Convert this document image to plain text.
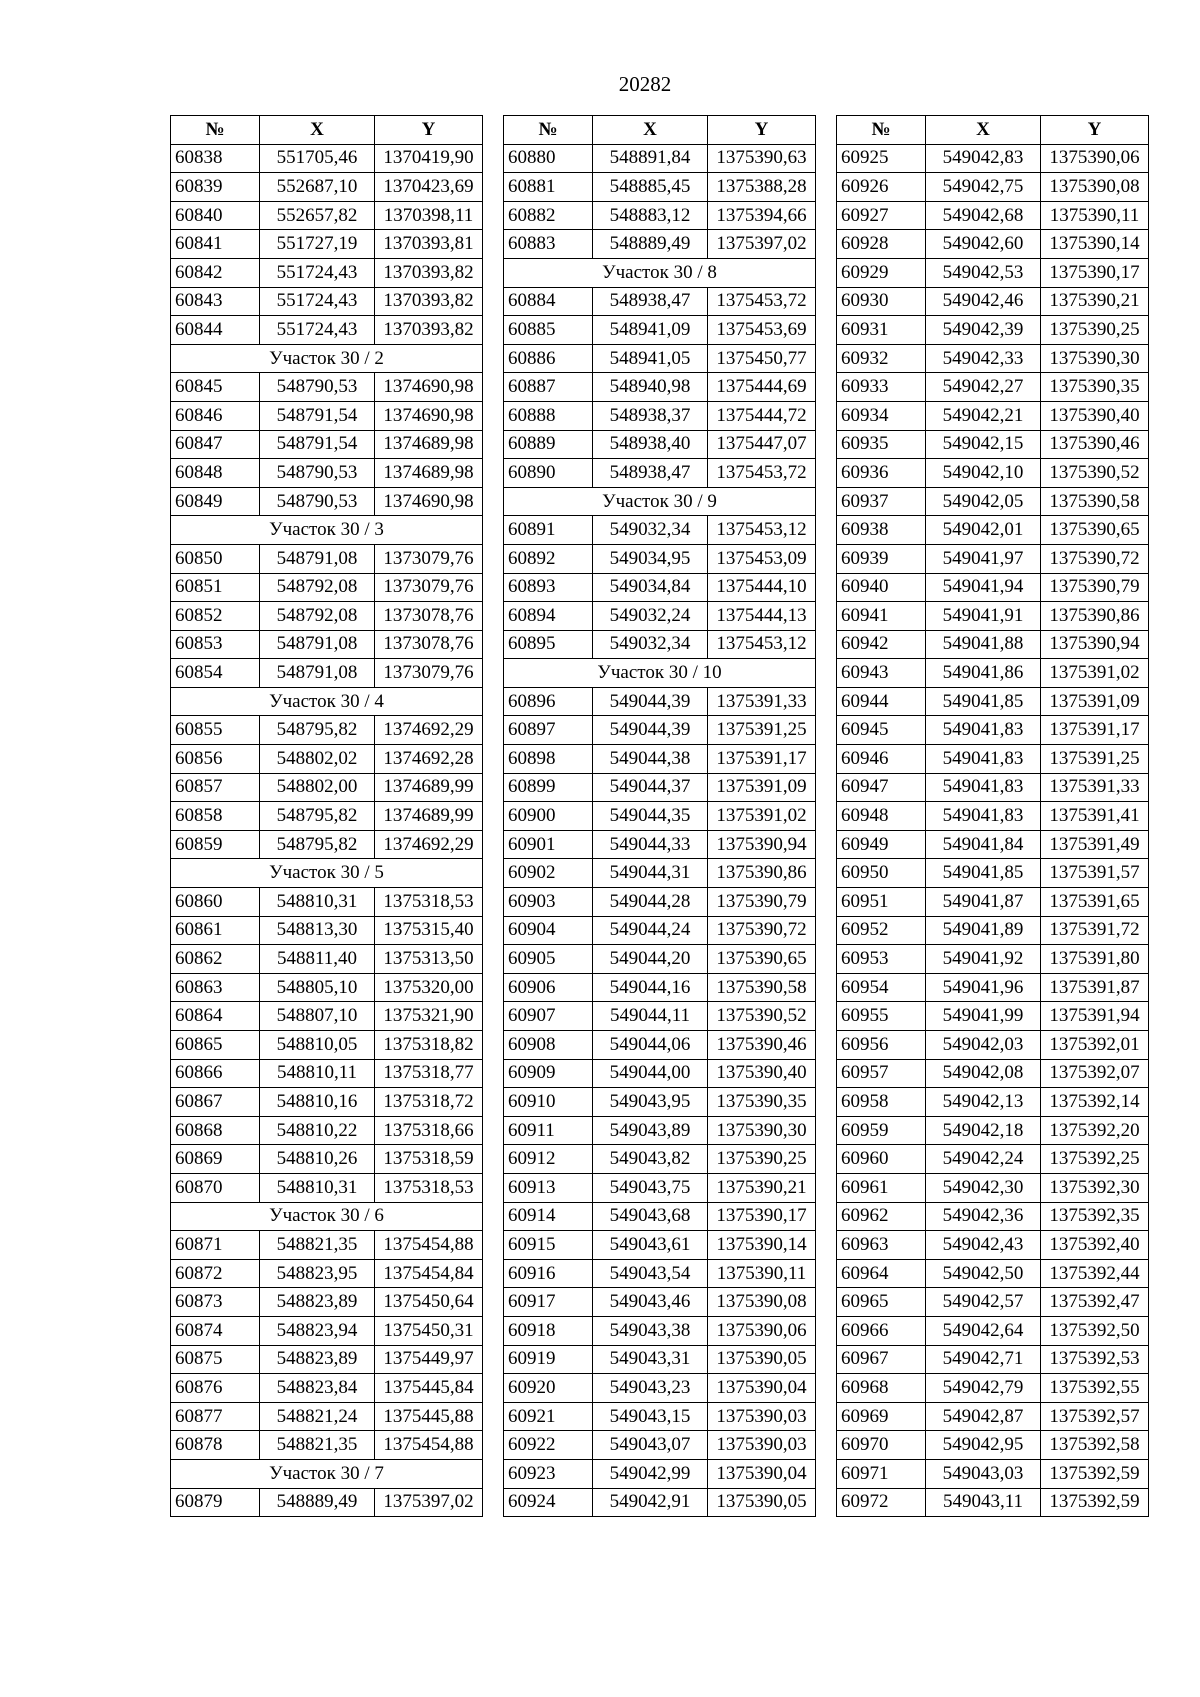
20282
№	X	Y
60838	551705,46	1370419,90
60839	552687,10	1370423,69
60840	552657,82	1370398,11
60841	551727,19	1370393,81
60842	551724,43	1370393,82
60843	551724,43	1370393,82
60844	551724,43	1370393,82
Участок 30 / 2		
60845	548790,53	1374690,98
60846	548791,54	1374690,98
60847	548791,54	1374689,98
60848	548790,53	1374689,98
60849	548790,53	1374690,98
Участок 30 / 3		
60850	548791,08	1373079,76
60851	548792,08	1373079,76
60852	548792,08	1373078,76
60853	548791,08	1373078,76
60854	548791,08	1373079,76
Участок 30 / 4		
60855	548795,82	1374692,29
60856	548802,02	1374692,28
60857	548802,00	1374689,99
60858	548795,82	1374689,99
60859	548795,82	1374692,29
Участок 30 / 5		
60860	548810,31	1375318,53
60861	548813,30	1375315,40
60862	548811,40	1375313,50
60863	548805,10	1375320,00
60864	548807,10	1375321,90
60865	548810,05	1375318,82
60866	548810,11	1375318,77
60867	548810,16	1375318,72
60868	548810,22	1375318,66
60869	548810,26	1375318,59
60870	548810,31	1375318,53
Участок 30 / 6		
60871	548821,35	1375454,88
60872	548823,95	1375454,84
60873	548823,89	1375450,64
60874	548823,94	1375450,31
60875	548823,89	1375449,97
60876	548823,84	1375445,84
60877	548821,24	1375445,88
60878	548821,35	1375454,88
Участок 30 / 7		
60879	548889,49	1375397,02
№	X	Y
60880	548891,84	1375390,63
60881	548885,45	1375388,28
60882	548883,12	1375394,66
60883	548889,49	1375397,02
Участок 30 / 8		
60884	548938,47	1375453,72
60885	548941,09	1375453,69
60886	548941,05	1375450,77
60887	548940,98	1375444,69
60888	548938,37	1375444,72
60889	548938,40	1375447,07
60890	548938,47	1375453,72
Участок 30 / 9		
60891	549032,34	1375453,12
60892	549034,95	1375453,09
60893	549034,84	1375444,10
60894	549032,24	1375444,13
60895	549032,34	1375453,12
Участок 30 / 10		
60896	549044,39	1375391,33
60897	549044,39	1375391,25
60898	549044,38	1375391,17
60899	549044,37	1375391,09
60900	549044,35	1375391,02
60901	549044,33	1375390,94
60902	549044,31	1375390,86
60903	549044,28	1375390,79
60904	549044,24	1375390,72
60905	549044,20	1375390,65
60906	549044,16	1375390,58
60907	549044,11	1375390,52
60908	549044,06	1375390,46
60909	549044,00	1375390,40
60910	549043,95	1375390,35
60911	549043,89	1375390,30
60912	549043,82	1375390,25
60913	549043,75	1375390,21
60914	549043,68	1375390,17
60915	549043,61	1375390,14
60916	549043,54	1375390,11
60917	549043,46	1375390,08
60918	549043,38	1375390,06
60919	549043,31	1375390,05
60920	549043,23	1375390,04
60921	549043,15	1375390,03
60922	549043,07	1375390,03
60923	549042,99	1375390,04
60924	549042,91	1375390,05
№	X	Y
60925	549042,83	1375390,06
60926	549042,75	1375390,08
60927	549042,68	1375390,11
60928	549042,60	1375390,14
60929	549042,53	1375390,17
60930	549042,46	1375390,21
60931	549042,39	1375390,25
60932	549042,33	1375390,30
60933	549042,27	1375390,35
60934	549042,21	1375390,40
60935	549042,15	1375390,46
60936	549042,10	1375390,52
60937	549042,05	1375390,58
60938	549042,01	1375390,65
60939	549041,97	1375390,72
60940	549041,94	1375390,79
60941	549041,91	1375390,86
60942	549041,88	1375390,94
60943	549041,86	1375391,02
60944	549041,85	1375391,09
60945	549041,83	1375391,17
60946	549041,83	1375391,25
60947	549041,83	1375391,33
60948	549041,83	1375391,41
60949	549041,84	1375391,49
60950	549041,85	1375391,57
60951	549041,87	1375391,65
60952	549041,89	1375391,72
60953	549041,92	1375391,80
60954	549041,96	1375391,87
60955	549041,99	1375391,94
60956	549042,03	1375392,01
60957	549042,08	1375392,07
60958	549042,13	1375392,14
60959	549042,18	1375392,20
60960	549042,24	1375392,25
60961	549042,30	1375392,30
60962	549042,36	1375392,35
60963	549042,43	1375392,40
60964	549042,50	1375392,44
60965	549042,57	1375392,47
60966	549042,64	1375392,50
60967	549042,71	1375392,53
60968	549042,79	1375392,55
60969	549042,87	1375392,57
60970	549042,95	1375392,58
60971	549043,03	1375392,59
60972	549043,11	1375392,59
